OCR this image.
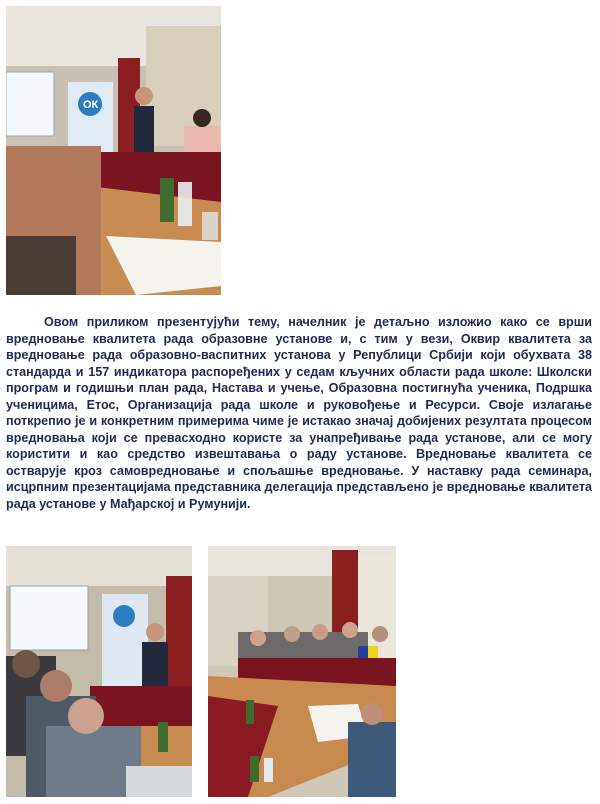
ОК

Овом приликом презентујући тему, начелник је детаљно изложио како се врши вредновање квалитета рада образовне установе и, с тим у вези, Оквир квалитета за вредновање рада образовно-васпитних установа у Републици Србији који обухвата 38 стандарда и 157 индикатора распоређених у седам кључних области рада школе: Школски програм и годишњи план рада, Настава и учење, Образовна постигнућа ученика, Подршка ученицима, Етос, Организација рада школе и руковођење и Ресурси. Своје излагање поткрепио је и конкретним примерима чиме је истакао значај добијених резултата процесом вредновања који се превасходно користе за унапређивање рада установе, али се могу користити и као средство извештавања о раду установе. Вредновање квалитета се остварује кроз самовредновање и спољашње вредновање. У наставку рада семинара, исцрпним презентацијама представника делегација представљено је вредновање квалитета рада установе у Мађарској и Румунији.
